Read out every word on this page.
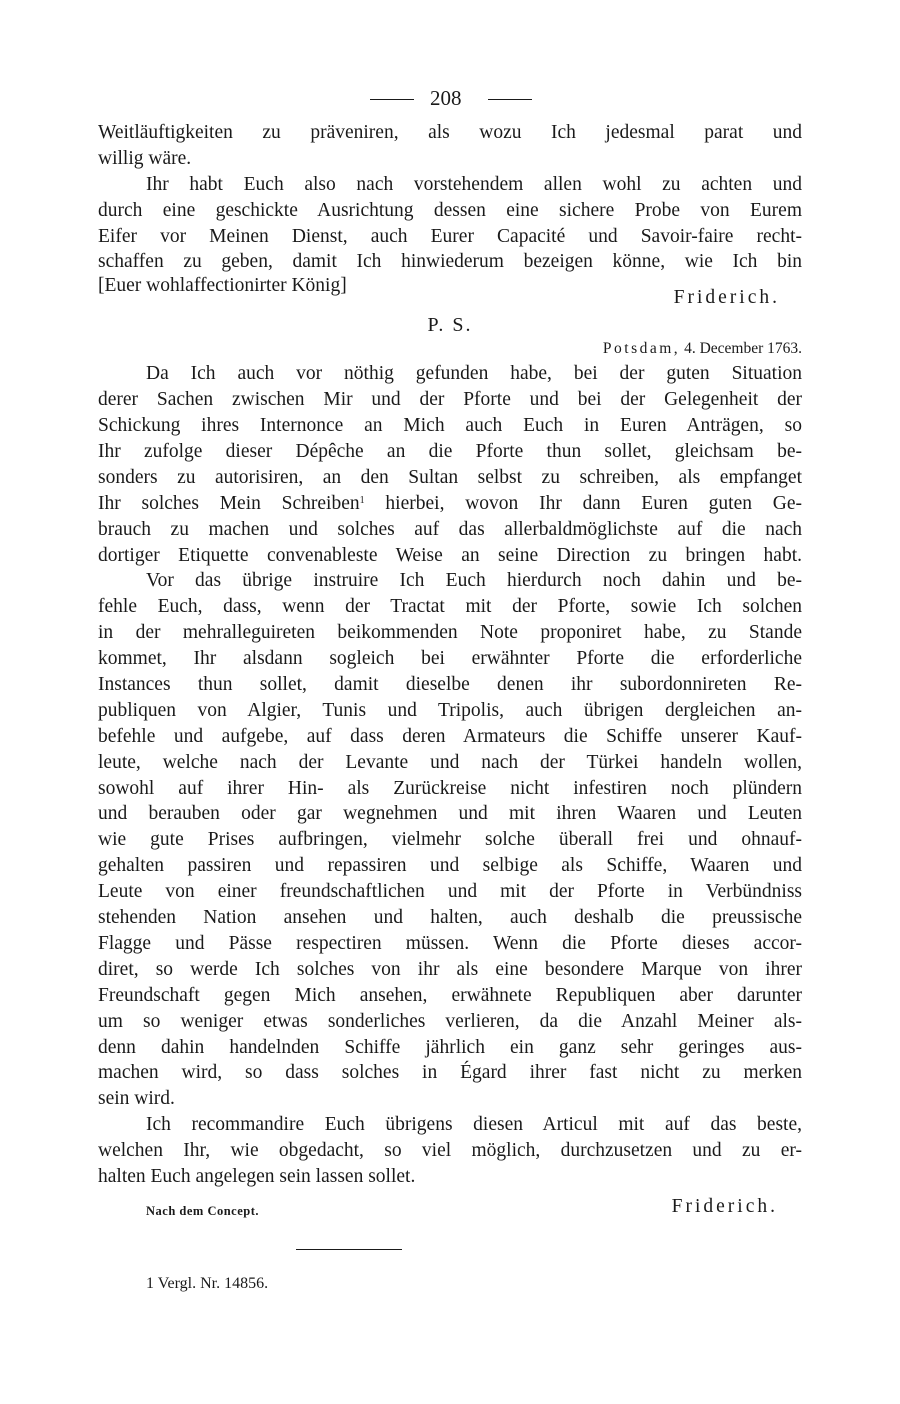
208
Weitläuftigkeiten zu präveniren, als wozu Ich jedesmal parat und
willig wäre.
Ihr habt Euch also nach vorstehendem allen wohl zu achten und
durch eine geschickte Ausrichtung dessen eine sichere Probe von Eurem
Eifer vor Meinen Dienst, auch Eurer Capacité und Savoir-faire recht-
schaffen zu geben, damit Ich hinwiederum bezeigen könne, wie Ich bin
[Euer wohlaffectionirter König]
Friderich.
P. S.
Potsdam, 4. December 1763.
Da Ich auch vor nöthig gefunden habe, bei der guten Situation
derer Sachen zwischen Mir und der Pforte und bei der Gelegenheit der
Schickung ihres Internonce an Mich auch Euch in Euren Anträgen, so
Ihr zufolge dieser Dépêche an die Pforte thun sollet, gleichsam be-
sonders zu autorisiren, an den Sultan selbst zu schreiben, als empfanget
Ihr solches Mein Schreiben$^1$ hierbei, wovon Ihr dann Euren guten Ge-
brauch zu machen und solches auf das allerbaldmöglichste auf die nach
dortiger Etiquette convenableste Weise an seine Direction zu bringen habt.
Vor das übrige instruire Ich Euch hierdurch noch dahin und be-
fehle Euch, dass, wenn der Tractat mit der Pforte, sowie Ich solchen
in der mehralleguireten beikommenden Note proponiret habe, zu Stande
kommet, Ihr alsdann sogleich bei erwähnter Pforte die erforderliche
Instances thun sollet, damit dieselbe denen ihr subordonnireten Re-
publiquen von Algier, Tunis und Tripolis, auch übrigen dergleichen an-
befehle und aufgebe, auf dass deren Armateurs die Schiffe unserer Kauf-
leute, welche nach der Levante und nach der Türkei handeln wollen,
sowohl auf ihrer Hin- als Zurückreise nicht infestiren noch plündern
und berauben oder gar wegnehmen und mit ihren Waaren und Leuten
wie gute Prises aufbringen, vielmehr solche überall frei und ohnauf-
gehalten passiren und repassiren und selbige als Schiffe, Waaren und
Leute von einer freundschaftlichen und mit der Pforte in Verbündniss
stehenden Nation ansehen und halten, auch deshalb die preussische
Flagge und Pässe respectiren müssen. Wenn die Pforte dieses accor-
diret, so werde Ich solches von ihr als eine besondere Marque von ihrer
Freundschaft gegen Mich ansehen, erwähnete Republiquen aber darunter
um so weniger etwas sonderliches verlieren, da die Anzahl Meiner als-
denn dahin handelnden Schiffe jährlich ein ganz sehr geringes aus-
machen wird, so dass solches in Égard ihrer fast nicht zu merken
sein wird.
Ich recommandire Euch übrigens diesen Articul mit auf das beste,
welchen Ihr, wie obgedacht, so viel möglich, durchzusetzen und zu er-
halten Euch angelegen sein lassen sollet.
Nach dem Concept.	Friderich.
1 Vergl. Nr. 14856.
